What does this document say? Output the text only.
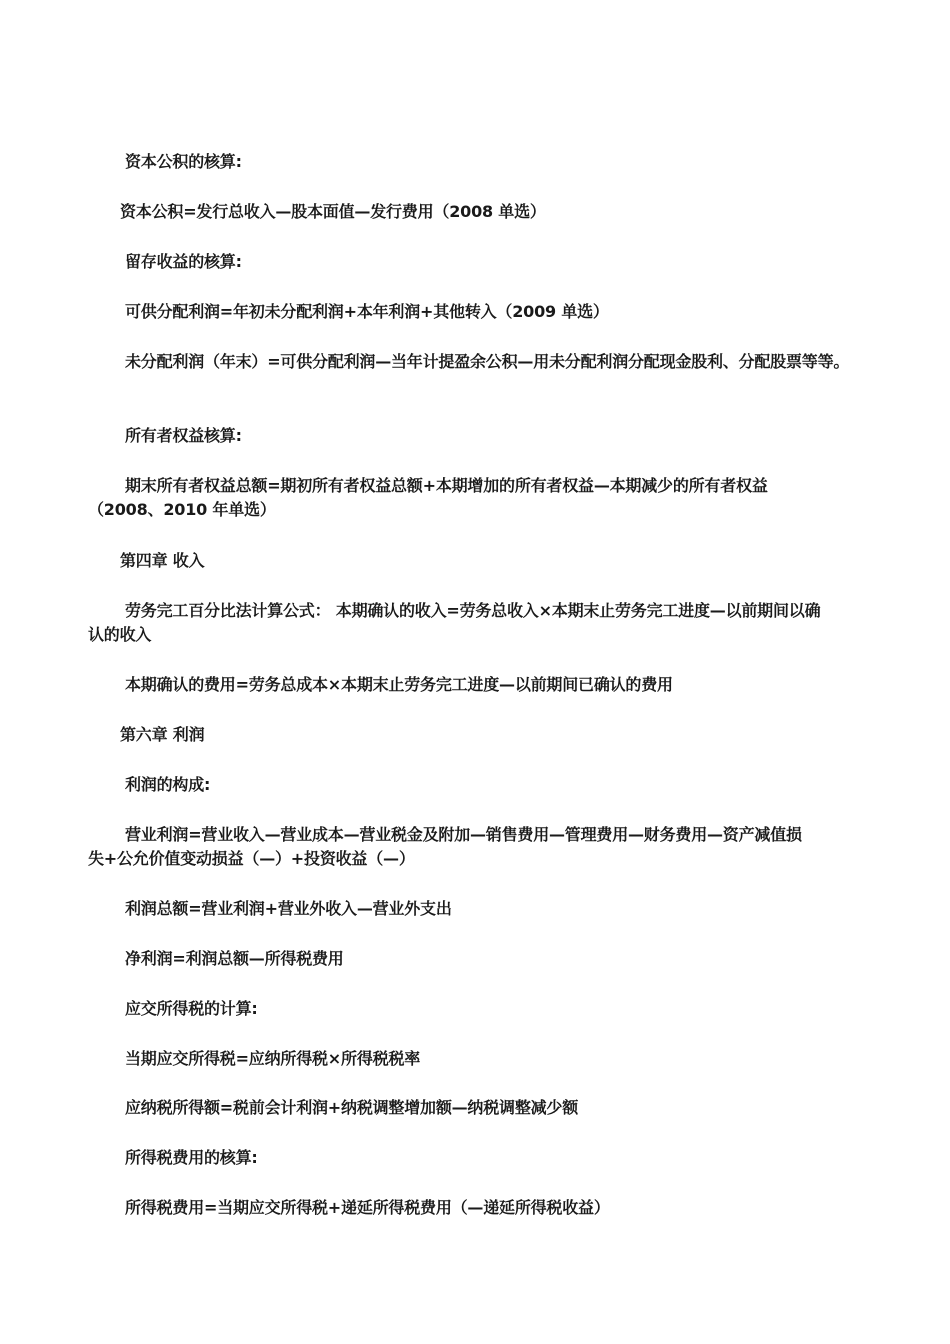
资本公积的核算:
资本公积=发行总收入—股本面值—发行费用（2008 单选）
留存收益的核算:
可供分配利润=年初未分配利润+本年利润+其他转入（2009 单选）
未分配利润（年末）=可供分配利润—当年计提盈余公积—用未分配利润分配现金股利、分配股票等等。
所有者权益核算:
期末所有者权益总额=期初所有者权益总额+本期增加的所有者权益—本期减少的所有者权益
（2008、2010 年单选）
第四章 收入
劳务完工百分比法计算公式： 本期确认的收入=劳务总收入×本期末止劳务完工进度—以前期间以确
认的收入
本期确认的费用=劳务总成本×本期末止劳务完工进度—以前期间已确认的费用
第六章 利润
利润的构成:
营业利润=营业收入—营业成本—营业税金及附加—销售费用—管理费用—财务费用—资产减值损
失+公允价值变动损益（—）+投资收益（—）
利润总额=营业利润+营业外收入—营业外支出
净利润=利润总额—所得税费用
应交所得税的计算:
当期应交所得税=应纳所得税×所得税税率
应纳税所得额=税前会计利润+纳税调整增加额—纳税调整减少额
所得税费用的核算:
所得税费用=当期应交所得税+递延所得税费用（—递延所得税收益）
